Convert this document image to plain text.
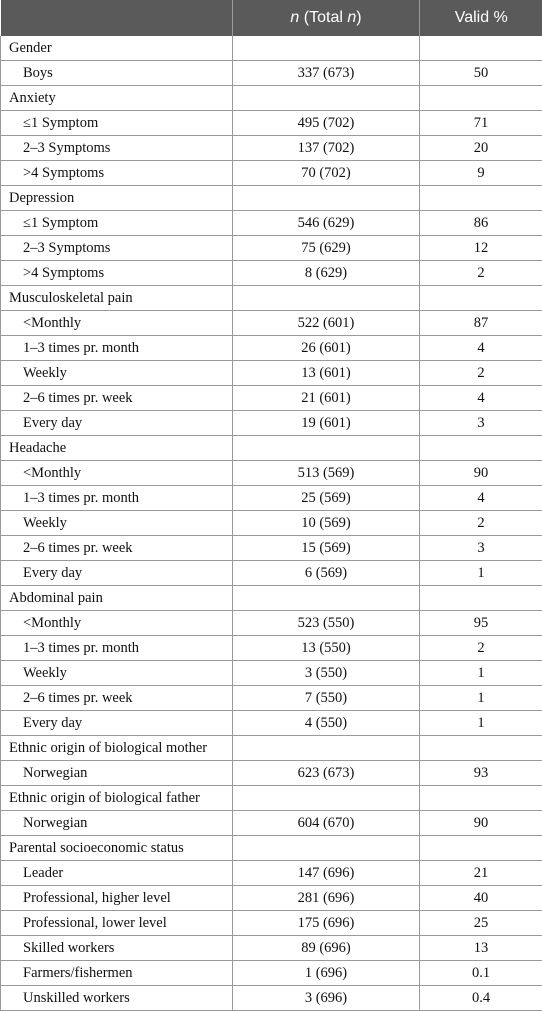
	n (Total n)	Valid %
Gender		
Boys	337 (673)	50
Anxiety		
≤1 Symptom	495 (702)	71
2–3 Symptoms	137 (702)	20
>4 Symptoms	70 (702)	9
Depression		
≤1 Symptom	546 (629)	86
2–3 Symptoms	75 (629)	12
>4 Symptoms	8 (629)	2
Musculoskeletal pain		
<Monthly	522 (601)	87
1–3 times pr. month	26 (601)	4
Weekly	13 (601)	2
2–6 times pr. week	21 (601)	4
Every day	19 (601)	3
Headache		
<Monthly	513 (569)	90
1–3 times pr. month	25 (569)	4
Weekly	10 (569)	2
2–6 times pr. week	15 (569)	3
Every day	6 (569)	1
Abdominal pain		
<Monthly	523 (550)	95
1–3 times pr. month	13 (550)	2
Weekly	3 (550)	1
2–6 times pr. week	7 (550)	1
Every day	4 (550)	1
Ethnic origin of biological mother		
Norwegian	623 (673)	93
Ethnic origin of biological father		
Norwegian	604 (670)	90
Parental socioeconomic status		
Leader	147 (696)	21
Professional, higher level	281 (696)	40
Professional, lower level	175 (696)	25
Skilled workers	89 (696)	13
Farmers/fishermen	1 (696)	0.1
Unskilled workers	3 (696)	0.4
